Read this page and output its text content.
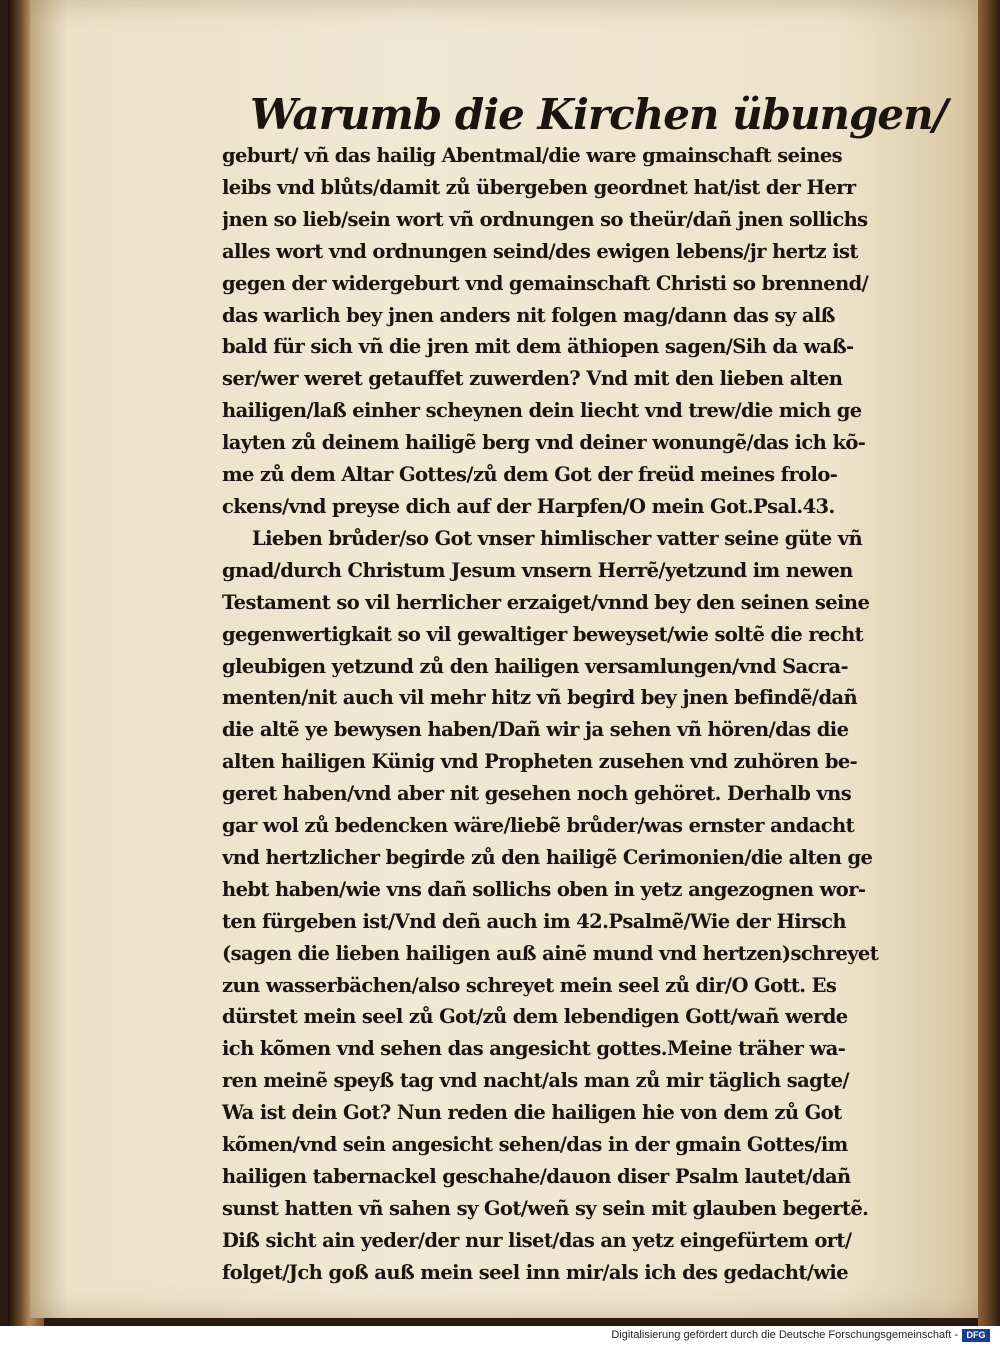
Warumb die Kirchen übungen/
geburt/ vñ das hailig Abentmal/die ware gmainschaft seines
leibs vnd blůts/damit zů übergeben geordnet hat/ist der Herr
jnen so lieb/sein wort vñ ordnungen so theür/dañ jnen sollichs
alles wort vnd ordnungen seind/des ewigen lebens/jr hertz ist
gegen der widergeburt vnd gemainschaft Christi so brennend/
das warlich bey jnen anders nit folgen mag/dann das sy alß
bald für sich vñ die jren mit dem äthiopen sagen/Sih da waß-
ser/wer weret getauffet zuwerden? Vnd mit den lieben alten
hailigen/laß einher scheynen dein liecht vnd trew/die mich ge
layten zů deinem hailigẽ berg vnd deiner wonungẽ/das ich kõ-
me zů dem Altar Gottes/zů dem Got der freüd meines frolo-
ckens/vnd preyse dich auf der Harpfen/O mein Got.Psal.43.
Lieben brůder/so Got vnser himlischer vatter seine güte vñ
gnad/durch Christum Jesum vnsern Herrẽ/yetzund im newen
Testament so vil herrlicher erzaiget/vnnd bey den seinen seine
gegenwertigkait so vil gewaltiger beweyset/wie soltẽ die recht
gleubigen yetzund zů den hailigen versamlungen/vnd Sacra-
menten/nit auch vil mehr hitz vñ begird bey jnen befindẽ/dañ
die altẽ ye bewysen haben/Dañ wir ja sehen vñ hören/das die
alten hailigen Künig vnd Propheten zusehen vnd zuhören be-
geret haben/vnd aber nit gesehen noch gehöret. Derhalb vns
gar wol zů bedencken wäre/liebẽ brůder/was ernster andacht
vnd hertzlicher begirde zů den hailigẽ Cerimonien/die alten ge
hebt haben/wie vns dañ sollichs oben in yetz angezognen wor-
ten fürgeben ist/Vnd deñ auch im 42.Psalmẽ/Wie der Hirsch
(sagen die lieben hailigen auß ainẽ mund vnd hertzen)schreyet
zun wasserbächen/also schreyet mein seel zů dir/O Gott. Es
dürstet mein seel zů Got/zů dem lebendigen Gott/wañ werde
ich kõmen vnd sehen das angesicht gottes.Meine träher wa-
ren meinẽ speyß tag vnd nacht/als man zů mir täglich sagte/
Wa ist dein Got? Nun reden die hailigen hie von dem zů Got
kõmen/vnd sein angesicht sehen/das in der gmain Gottes/im
hailigen tabernackel geschahe/dauon diser Psalm lautet/dañ
sunst hatten vñ sahen sy Got/weñ sy sein mit glauben begertẽ.
Diß sicht ain yeder/der nur liset/das an yetz eingefürtem ort/
folget/Jch goß auß mein seel inn mir/als ich des gedacht/wie
Digitalisierung gefördert durch die Deutsche Forschungsgemeinschaft - DFG
